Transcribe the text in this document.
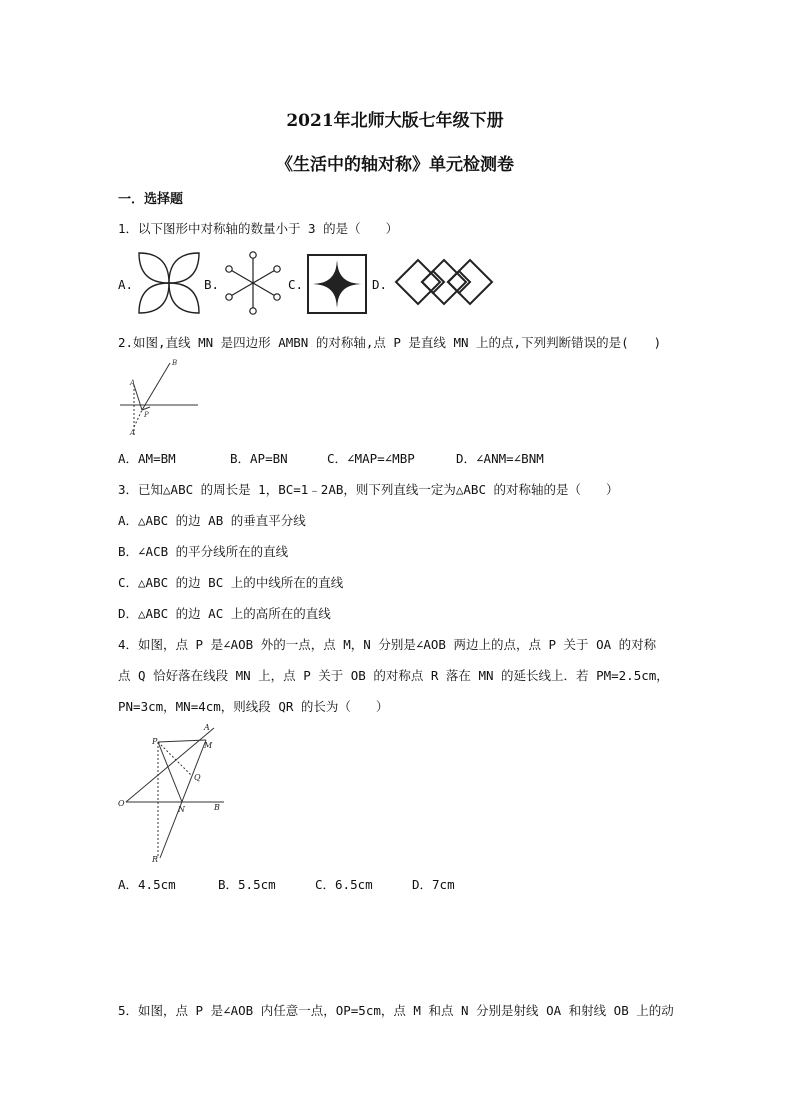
2021年北师大版七年级下册
《生活中的轴对称》单元检测卷
一．选择题
1．以下图形中对称轴的数量小于 3 的是（　　）
A.	B.	C.	D.
2.如图,直线 MN 是四边形 AMBN 的对称轴,点 P 是直线 MN 上的点,下列判断错误的是(　　)
A
B
P
A
A．AM=BM	B．AP=BN	C．∠MAP=∠MBP	D．∠ANM=∠BNM
3．已知△ABC 的周长是 1，BC=1﹣2AB，则下列直线一定为△ABC 的对称轴的是（　　）
A．△ABC 的边 AB 的垂直平分线
B．∠ACB 的平分线所在的直线
C．△ABC 的边 BC 上的中线所在的直线
D．△ABC 的边 AC 上的高所在的直线
4．如图，点 P 是∠AOB 外的一点，点 M，N 分别是∠AOB 两边上的点，点 P 关于 OA 的对称
点 Q 恰好落在线段 MN 上，点 P 关于 OB 的对称点 R 落在 MN 的延长线上．若 PM=2.5cm，
PN=3cm，MN=4cm，则线段 QR 的长为（　　）
A
P	M
Q
O
N	B
R
A．4.5cm	B．5.5cm	C．6.5cm	D．7cm
5．如图，点 P 是∠AOB 内任意一点，OP=5cm，点 M 和点 N 分别是射线 OA 和射线 OB 上的动
